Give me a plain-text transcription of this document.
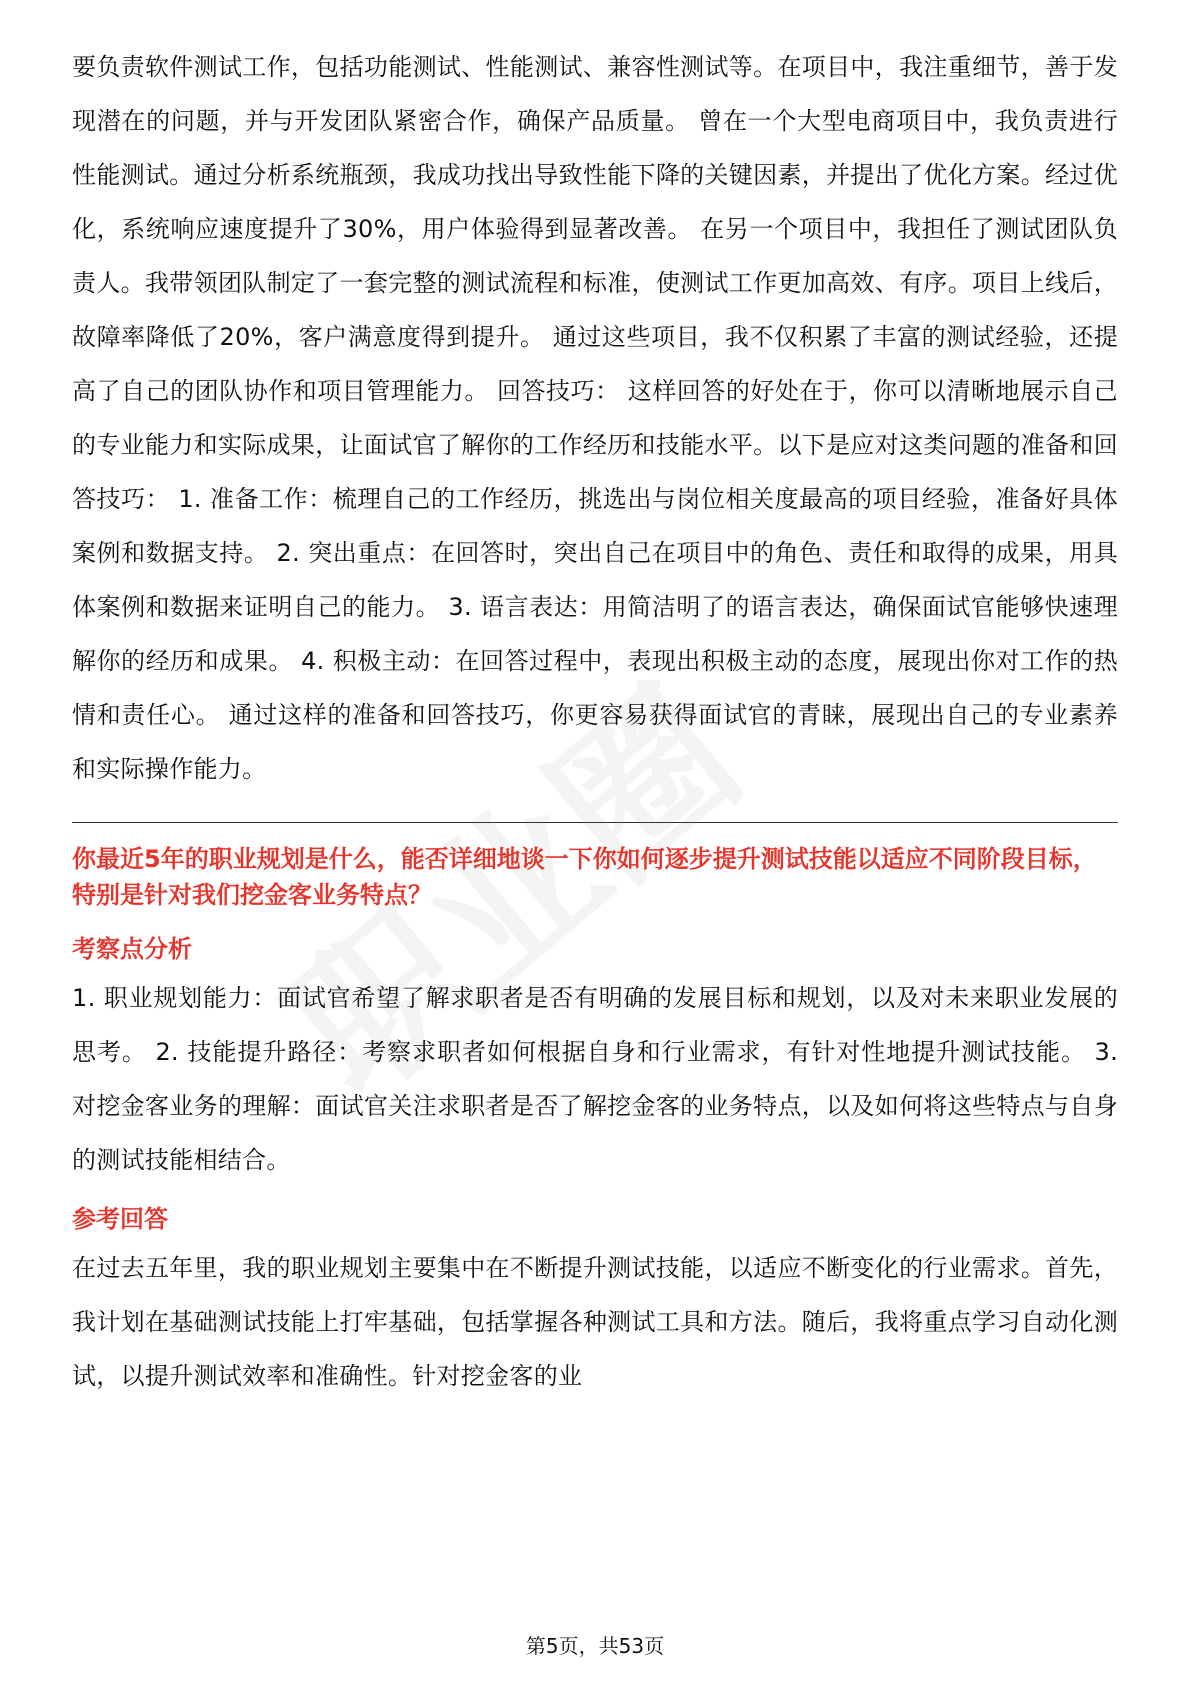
要负责软件测试工作，包括功能测试、性能测试、兼容性测试等。在项目中，我注重细节，善于发现潜在的问题，并与开发团队紧密合作，确保产品质量。 曾在一个大型电商项目中，我负责进行性能测试。通过分析系统瓶颈，我成功找出导致性能下降的关键因素，并提出了优化方案。经过优化，系统响应速度提升了30%，用户体验得到显著改善。 在另一个项目中，我担任了测试团队负责人。我带领团队制定了一套完整的测试流程和标准，使测试工作更加高效、有序。项目上线后，故障率降低了20%，客户满意度得到提升。 通过这些项目，我不仅积累了丰富的测试经验，还提高了自己的团队协作和项目管理能力。 回答技巧： 这样回答的好处在于，你可以清晰地展示自己的专业能力和实际成果，让面试官了解你的工作经历和技能水平。以下是应对这类问题的准备和回答技巧： 1. 准备工作：梳理自己的工作经历，挑选出与岗位相关度最高的项目经验，准备好具体案例和数据支持。 2. 突出重点：在回答时，突出自己在项目中的角色、责任和取得的成果，用具体案例和数据来证明自己的能力。 3. 语言表达：用简洁明了的语言表达，确保面试官能够快速理解你的经历和成果。 4. 积极主动：在回答过程中，表现出积极主动的态度，展现出你对工作的热情和责任心。 通过这样的准备和回答技巧，你更容易获得面试官的青睐，展现出自己的专业素养和实际操作能力。

你最近5年的职业规划是什么，能否详细地谈一下你如何逐步提升测试技能以适应不同阶段目标，特别是针对我们挖金客业务特点？

考察点分析

1. 职业规划能力：面试官希望了解求职者是否有明确的发展目标和规划，以及对未来职业发展的思考。 2. 技能提升路径：考察求职者如何根据自身和行业需求，有针对性地提升测试技能。 3. 对挖金客业务的理解：面试官关注求职者是否了解挖金客的业务特点，以及如何将这些特点与自身的测试技能相结合。

参考回答

在过去五年里，我的职业规划主要集中在不断提升测试技能，以适应不断变化的行业需求。首先，我计划在基础测试技能上打牢基础，包括掌握各种测试工具和方法。随后，我将重点学习自动化测试，以提升测试效率和准确性。针对挖金客的业

第5页，共53页
